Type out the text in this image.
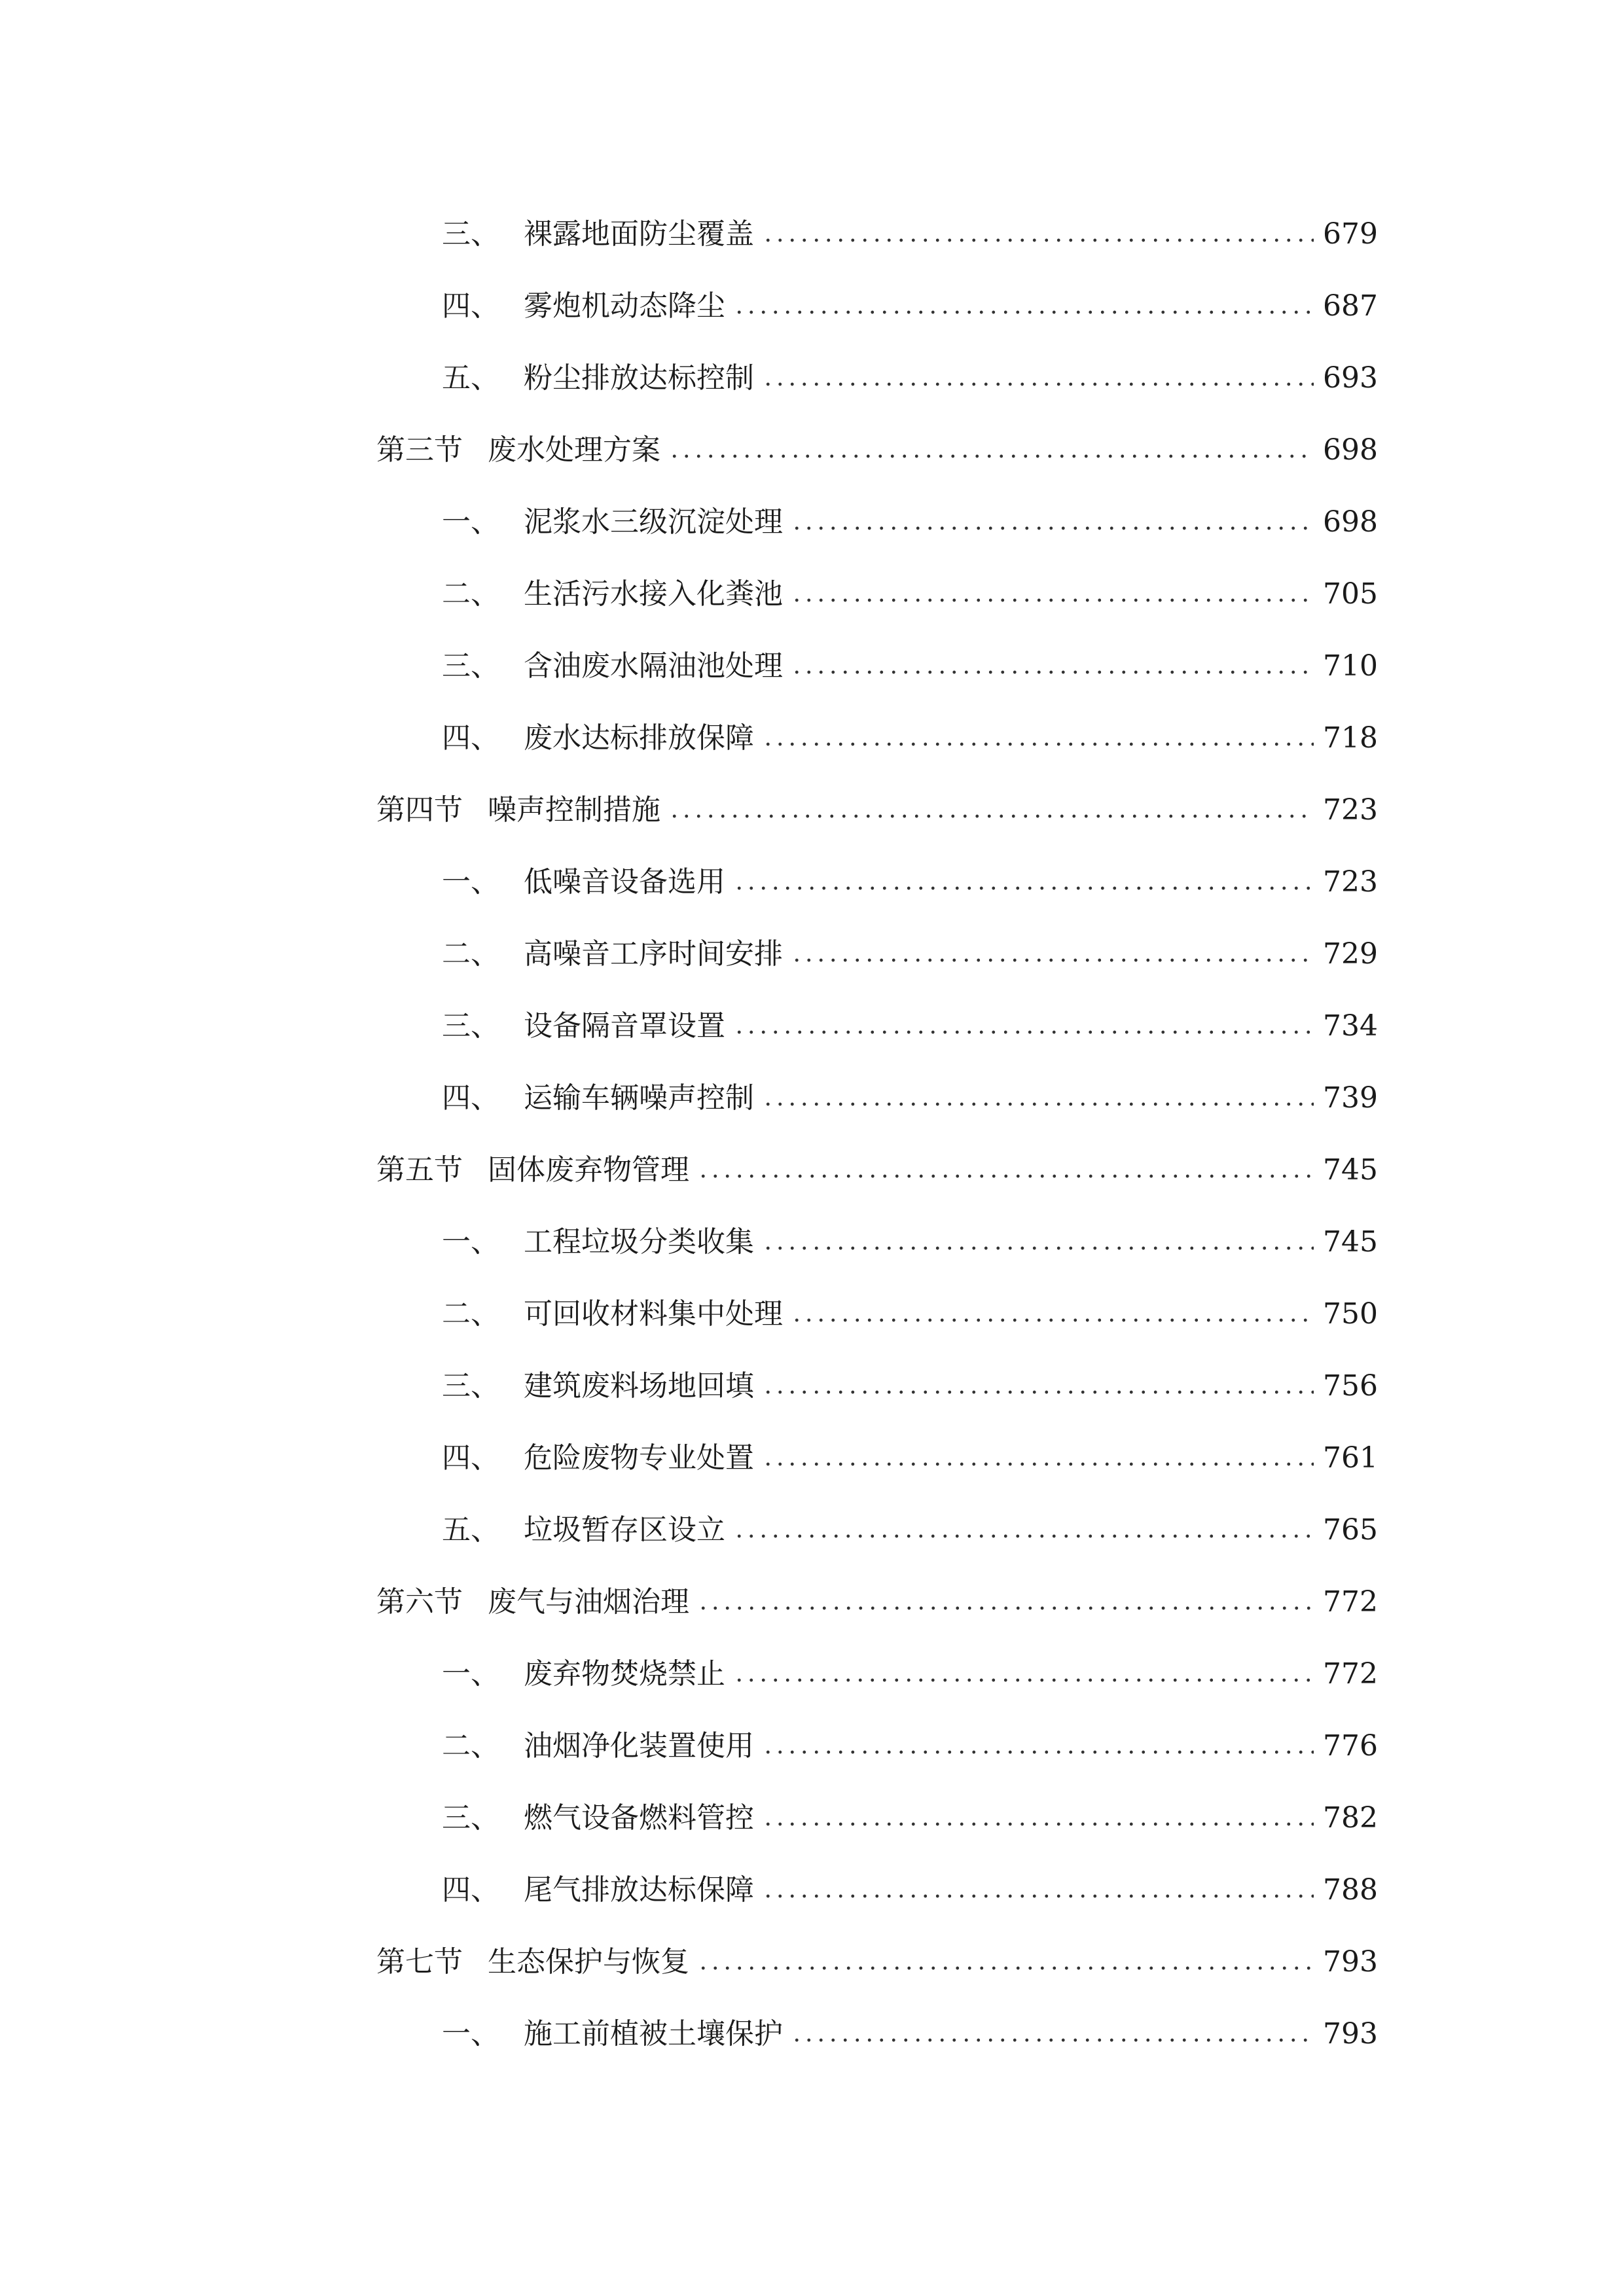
三、 裸露地面防尘覆盖	679
四、 雾炮机动态降尘	687
五、 粉尘排放达标控制	693
第三节 废水处理方案	698
一、 泥浆水三级沉淀处理	698
二、 生活污水接入化粪池	705
三、 含油废水隔油池处理	710
四、 废水达标排放保障	718
第四节 噪声控制措施	723
一、 低噪音设备选用	723
二、 高噪音工序时间安排	729
三、 设备隔音罩设置	734
四、 运输车辆噪声控制	739
第五节 固体废弃物管理	745
一、 工程垃圾分类收集	745
二、 可回收材料集中处理	750
三、 建筑废料场地回填	756
四、 危险废物专业处置	761
五、 垃圾暂存区设立	765
第六节 废气与油烟治理	772
一、 废弃物焚烧禁止	772
二、 油烟净化装置使用	776
三、 燃气设备燃料管控	782
四、 尾气排放达标保障	788
第七节 生态保护与恢复	793
一、 施工前植被土壤保护	793
